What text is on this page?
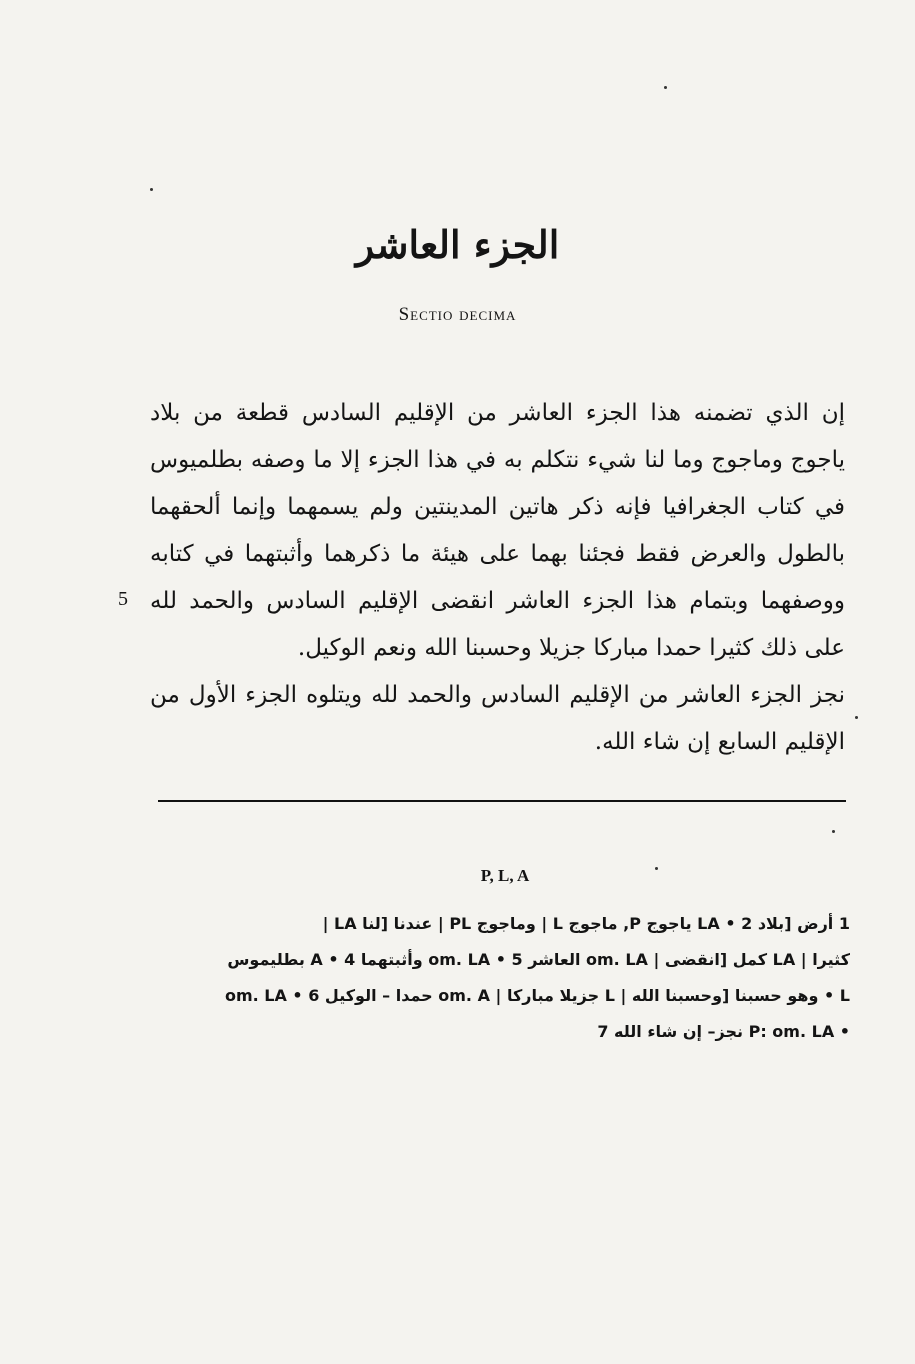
الجزء العاشر
Sectio decima

إن الذي تضمنه هذا الجزء العاشر من الإقليم السادس قطعة من بلاد ياجوج وماجوج وما لنا شيء نتكلم به في هذا الجزء إلا ما وصفه بطلميوس في كتاب الجغرافيا فإنه ذكر هاتين المدينتين ولم يسمهما وإنما ألحقهما بالطول والعرض فقط فجئنا بهما على هيئة ما ذكرهما وأثبتهما في كتابه ووصفهما وبتمام هذا الجزء العاشر انقضى الإقليم السادس والحمد لله على ذلك كثيرا حمدا مباركا جزيلا وحسبنا الله ونعم الوكيل.

نجز الجزء العاشر من الإقليم السادس والحمد لله ويتلوه الجزء الأول من الإقليم السابع إن شاء الله.

5
P, L, A
1 أرض [بلاد LA • 2 ياجوج P, ماجوج L | وماجوج PL | عندنا [لنا LA |
كثيرا | LA كمل [انقضى | om. LA العاشر 5 • om. LA وأثبتهما 4 • A بطليموس
L • وهو حسبنا [وحسبنا الله | L جزيلا مباركا | om. A حمدا – الوكيل 6 • om. LA
• P: om. LA نجز– إن شاء الله 7
